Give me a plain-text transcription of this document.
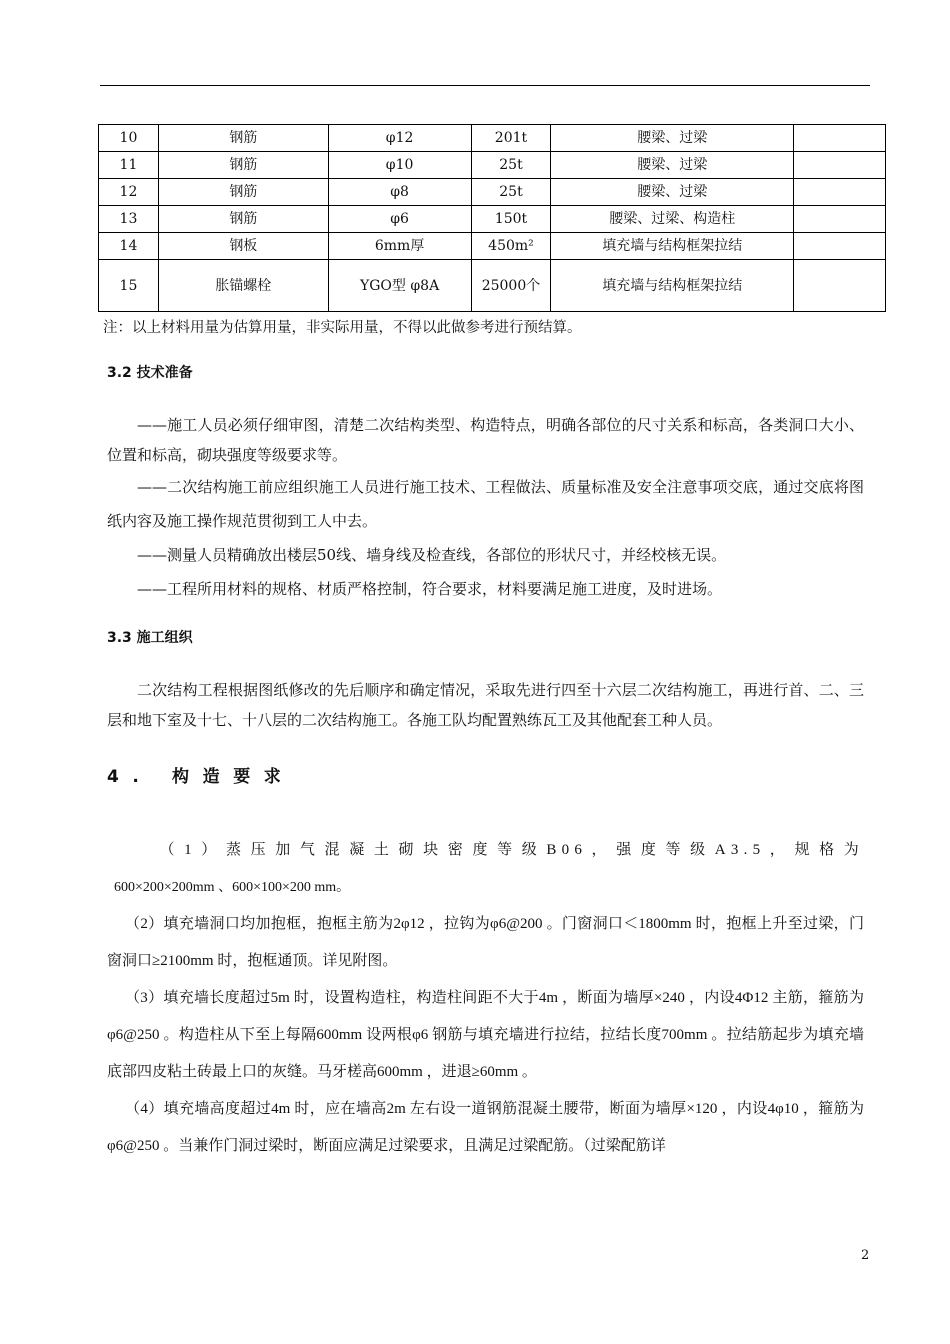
10	钢筋	φ12	201t	腰梁、过梁	
11	钢筋	φ10	25t	腰梁、过梁	
12	钢筋	φ8	25t	腰梁、过梁	
13	钢筋	φ6	150t	腰梁、过梁、构造柱	
14	钢板	6mm厚	450m²	填充墙与结构框架拉结	
15	胀锚螺栓	YGO型 φ8A	25000个	填充墙与结构框架拉结	
注：以上材料用量为估算用量，非实际用量，不得以此做参考进行预结算。
3.2 技术准备

——施工人员必须仔细审图，清楚二次结构类型、构造特点，明确各部位的尺寸关系和标高，各类洞口大小、位置和标高，砌块强度等级要求等。

——二次结构施工前应组织施工人员进行施工技术、工程做法、质量标准及安全注意事项交底，通过交底将图纸内容及施工操作规范贯彻到工人中去。

——测量人员精确放出楼层50线、墙身线及检查线，各部位的形状尺寸，并经校核无误。

——工程所用材料的规格、材质严格控制，符合要求，材料要满足施工进度，及时进场。

3.3 施工组织

二次结构工程根据图纸修改的先后顺序和确定情况，采取先进行四至十六层二次结构施工，再进行首、二、三层和地下室及十七、十八层的二次结构施工。各施工队均配置熟练瓦工及其他配套工种人员。

4. 构造要求

（1）蒸压加气混凝土砌块密度等级B06，强度等级A3.5，规格为

600×200×200mm 、600×100×200 mm。

（2）填充墙洞口均加抱框，抱框主筋为2φ12 ，拉钩为φ6@200 。门窗洞口＜1800mm 时，抱框上升至过梁，门窗洞口≥2100mm 时，抱框通顶。详见附图。

（3）填充墙长度超过5m 时，设置构造柱，构造柱间距不大于4m ，断面为墙厚×240 ，内设4Φ12 主筋，箍筋为φ6@250 。构造柱从下至上每隔600mm 设两根φ6 钢筋与填充墙进行拉结，拉结长度700mm 。拉结筋起步为填充墙底部四皮粘土砖最上口的灰缝。马牙槎高600mm ，进退≥60mm 。

（4）填充墙高度超过4m 时，应在墙高2m 左右设一道钢筋混凝土腰带，断面为墙厚×120 ，内设4φ10 ，箍筋为φ6@250 。当兼作门洞过梁时，断面应满足过梁要求，且满足过梁配筋。（过梁配筋详

2
